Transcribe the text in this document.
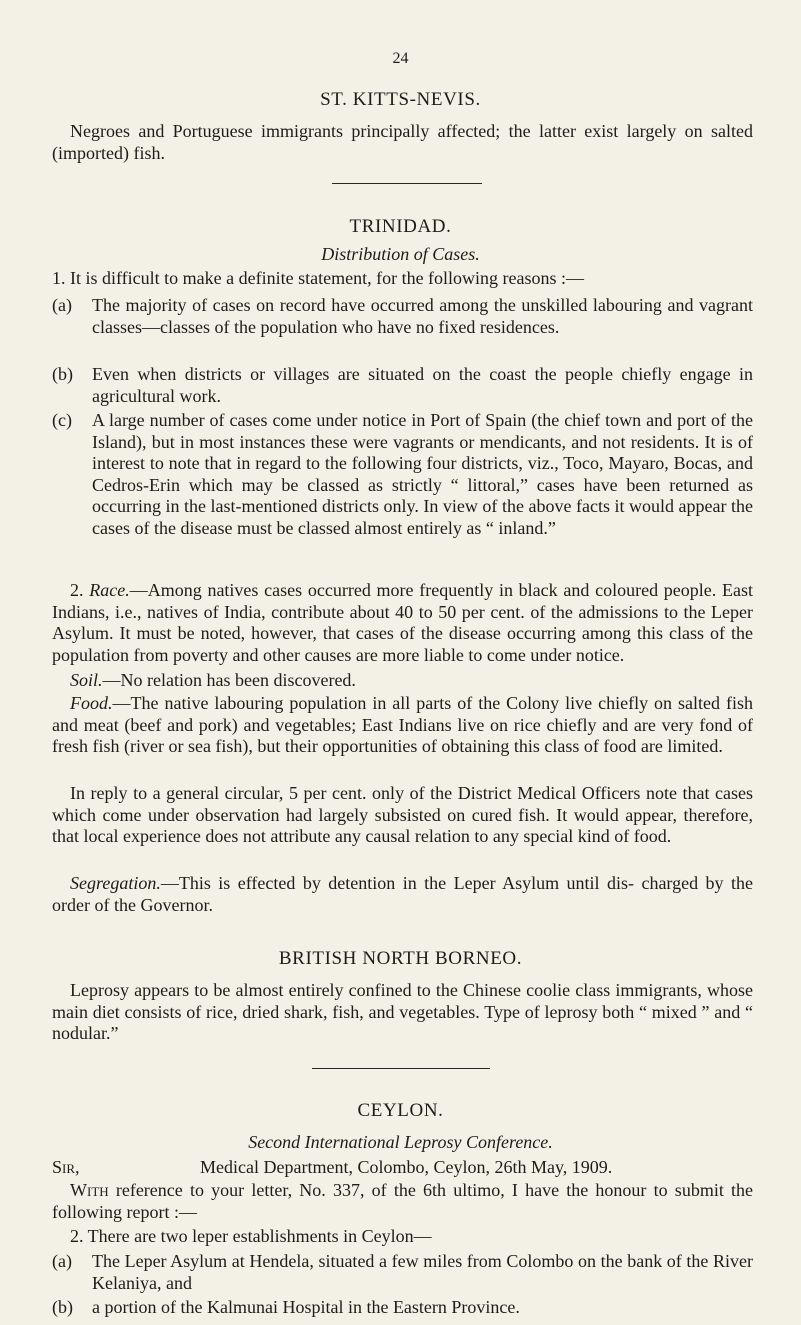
24
ST. KITTS-NEVIS.
Negroes and Portuguese immigrants principally affected; the latter exist largely on salted (imported) fish.
TRINIDAD.
Distribution of Cases.
1. It is difficult to make a definite statement, for the following reasons :—
(a)	The majority of cases on record have occurred among the unskilled labouring and vagrant classes—classes of the population who have no fixed residences.
(b)	Even when districts or villages are situated on the coast the people chiefly engage in agricultural work.
(c)	A large number of cases come under notice in Port of Spain (the chief town and port of the Island), but in most instances these were vagrants or mendicants, and not residents. It is of interest to note that in regard to the following four districts, viz., Toco, Mayaro, Bocas, and Cedros-Erin which may be classed as strictly “ littoral,” cases have been returned as occurring in the last-mentioned districts only. In view of the above facts it would appear the cases of the disease must be classed almost entirely as “ inland.”
2. Race.—Among natives cases occurred more frequently in black and coloured people. East Indians, i.e., natives of India, contribute about 40 to 50 per cent. of the admissions to the Leper Asylum. It must be noted, however, that cases of the disease occurring among this class of the population from poverty and other causes are more liable to come under notice.
Soil.—No relation has been discovered.
Food.—The native labouring population in all parts of the Colony live chiefly on salted fish and meat (beef and pork) and vegetables; East Indians live on rice chiefly and are very fond of fresh fish (river or sea fish), but their opportunities of obtaining this class of food are limited.
In reply to a general circular, 5 per cent. only of the District Medical Officers note that cases which come under observation had largely subsisted on cured fish. It would appear, therefore, that local experience does not attribute any causal relation to any special kind of food.
Segregation.—This is effected by detention in the Leper Asylum until dis- charged by the order of the Governor.
BRITISH NORTH BORNEO.
Leprosy appears to be almost entirely confined to the Chinese coolie class immigrants, whose main diet consists of rice, dried shark, fish, and vegetables. Type of leprosy both “ mixed ” and “ nodular.”
CEYLON.
Second International Leprosy Conference.
Sir,	Medical Department, Colombo, Ceylon, 26th May, 1909.
With reference to your letter, No. 337, of the 6th ultimo, I have the honour to submit the following report :—
2. There are two leper establishments in Ceylon—
(a)	The Leper Asylum at Hendela, situated a few miles from Colombo on the bank of the River Kelaniya, and
(b)	a portion of the Kalmunai Hospital in the Eastern Province.
